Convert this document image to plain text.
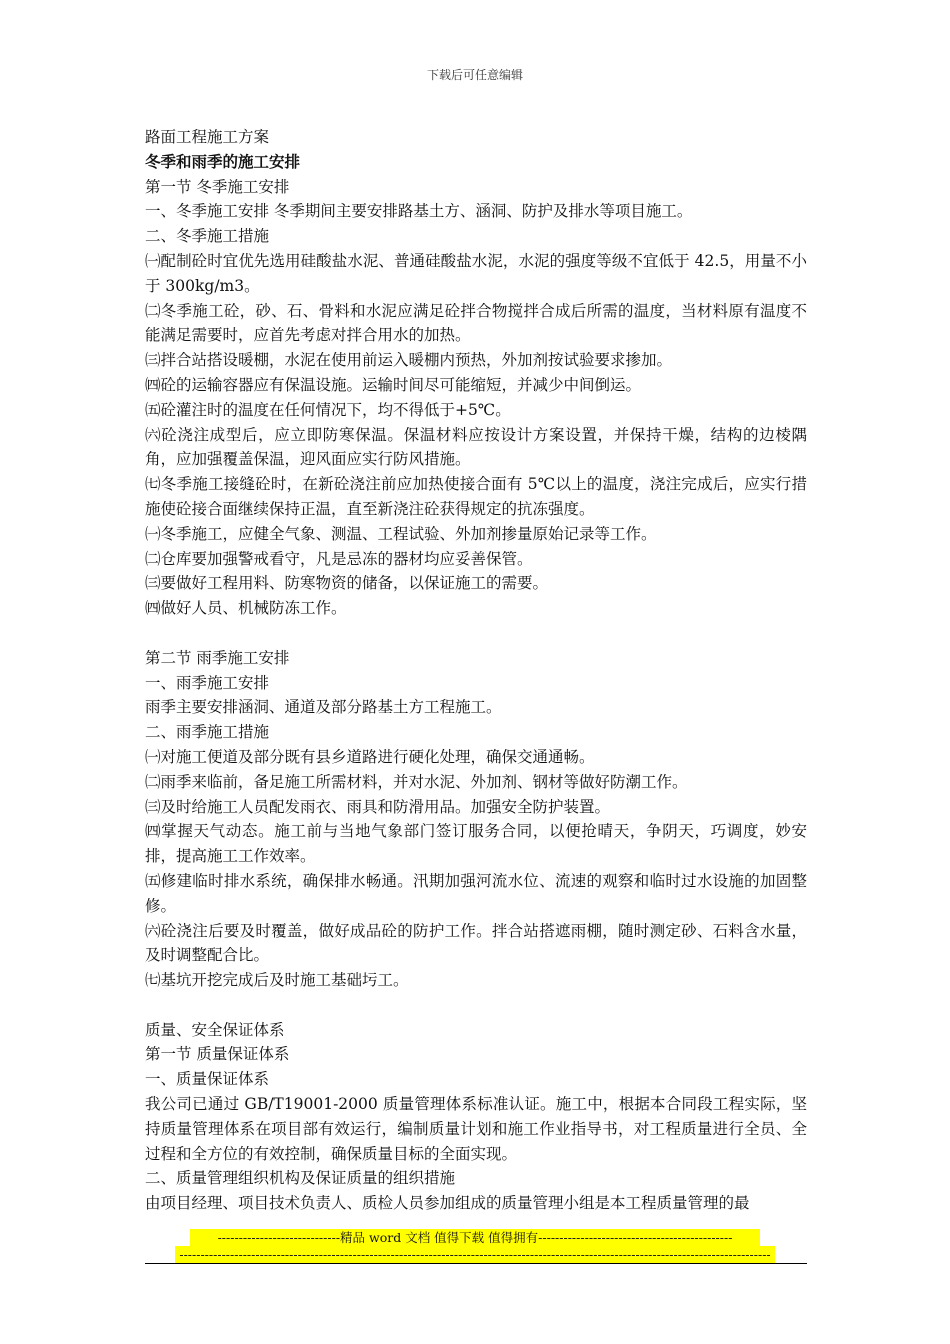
下载后可任意编辑

路面工程施工方案

冬季和雨季的施工安排

第一节 冬季施工安排

一、冬季施工安排 冬季期间主要安排路基土方、涵洞、防护及排水等项目施工。

二、冬季施工措施

㈠配制砼时宜优先选用硅酸盐水泥、普通硅酸盐水泥，水泥的强度等级不宜低于 42.5，用量不小于 300kg/m3。

㈡冬季施工砼，砂、石、骨料和水泥应满足砼拌合物搅拌合成后所需的温度，当材料原有温度不能满足需要时，应首先考虑对拌合用水的加热。

㈢拌合站搭设暖棚，水泥在使用前运入暖棚内预热，外加剂按试验要求掺加。

㈣砼的运输容器应有保温设施。运输时间尽可能缩短，并减少中间倒运。

㈤砼灌注时的温度在任何情况下，均不得低于+5℃。

㈥砼浇注成型后，应立即防寒保温。保温材料应按设计方案设置，并保持干燥，结构的边棱隅角，应加强覆盖保温，迎风面应实行防风措施。

㈦冬季施工接缝砼时，在新砼浇注前应加热使接合面有 5℃以上的温度，浇注完成后，应实行措施使砼接合面继续保持正温，直至新浇注砼获得规定的抗冻强度。

㈠冬季施工，应健全气象、测温、工程试验、外加剂掺量原始记录等工作。

㈡仓库要加强警戒看守，凡是忌冻的器材均应妥善保管。

㈢要做好工程用料、防寒物资的储备，以保证施工的需要。

㈣做好人员、机械防冻工作。

第二节 雨季施工安排

一、雨季施工安排

雨季主要安排涵洞、通道及部分路基土方工程施工。

二、雨季施工措施

㈠对施工便道及部分既有县乡道路进行硬化处理，确保交通通畅。

㈡雨季来临前，备足施工所需材料，并对水泥、外加剂、钢材等做好防潮工作。

㈢及时给施工人员配发雨衣、雨具和防滑用品。加强安全防护装置。

㈣掌握天气动态。施工前与当地气象部门签订服务合同，以便抢晴天，争阴天，巧调度，妙安排，提高施工工作效率。

㈤修建临时排水系统，确保排水畅通。汛期加强河流水位、流速的观察和临时过水设施的加固整修。

㈥砼浇注后要及时覆盖，做好成品砼的防护工作。拌合站搭遮雨棚，随时测定砂、石料含水量，及时调整配合比。

㈦基坑开挖完成后及时施工基础圬工。

质量、安全保证体系

第一节 质量保证体系

一、质量保证体系

我公司已通过 GB/T19001-2000 质量管理体系标准认证。施工中，根据本合同段工程实际，坚持质量管理体系在项目部有效运行，编制质量计划和施工作业指导书，对工程质量进行全员、全过程和全方位的有效控制，确保质量目标的全面实现。

二、质量管理组织机构及保证质量的组织措施

由项目经理、项目技术负责人、质检人员参加组成的质量管理小组是本工程质量管理的最

-----------------------------精品 word 文档 值得下载 值得拥有----------------------------------------------
--------------------------------------------------------------------------------------------------------------------------------------------
